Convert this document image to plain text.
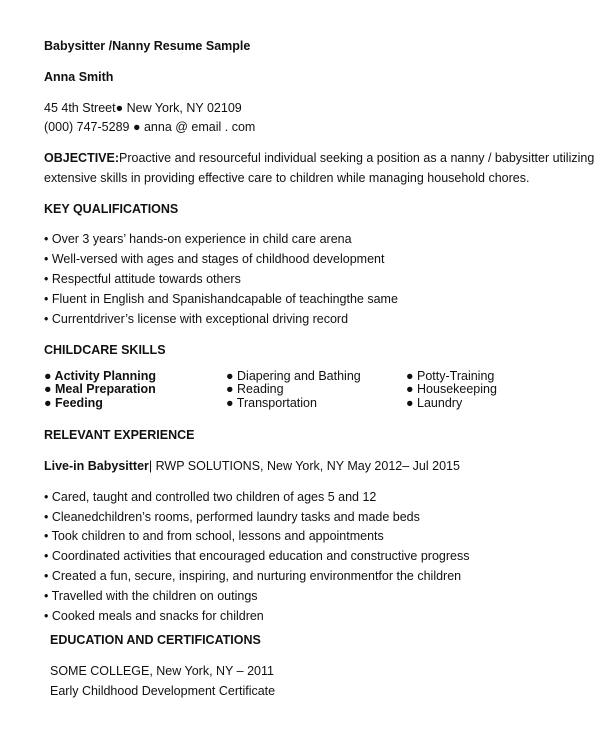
Babysitter /Nanny Resume Sample
Anna Smith
45 4th Street● New York, NY 02109
(000) 747-5289 ● anna @ email . com
OBJECTIVE:Proactive and resourceful individual seeking a position as a nanny / babysitter utilizing
extensive skills in providing effective care to children while managing household chores.
KEY QUALIFICATIONS
• Over 3 years’ hands-on experience in child care arena
• Well-versed with ages and stages of childhood development
• Respectful attitude towards others
• Fluent in English and Spanishandcapable of teachingthe same
• Currentdriver’s license with exceptional driving record
CHILDCARE SKILLS
● Activity Planning
● Meal Preparation
● Feeding
● Diapering and Bathing
● Reading
● Transportation
● Potty-Training
● Housekeeping
● Laundry
RELEVANT EXPERIENCE
Live-in Babysitter| RWP SOLUTIONS, New York, NY May 2012– Jul 2015
• Cared, taught and controlled two children of ages 5 and 12
• Cleanedchildren’s rooms, performed laundry tasks and made beds
• Took children to and from school, lessons and appointments
• Coordinated activities that encouraged education and constructive progress
• Created a fun, secure, inspiring, and nurturing environmentfor the children
• Travelled with the children on outings
• Cooked meals and snacks for children
EDUCATION AND CERTIFICATIONS
SOME COLLEGE, New York, NY – 2011
Early Childhood Development Certificate
